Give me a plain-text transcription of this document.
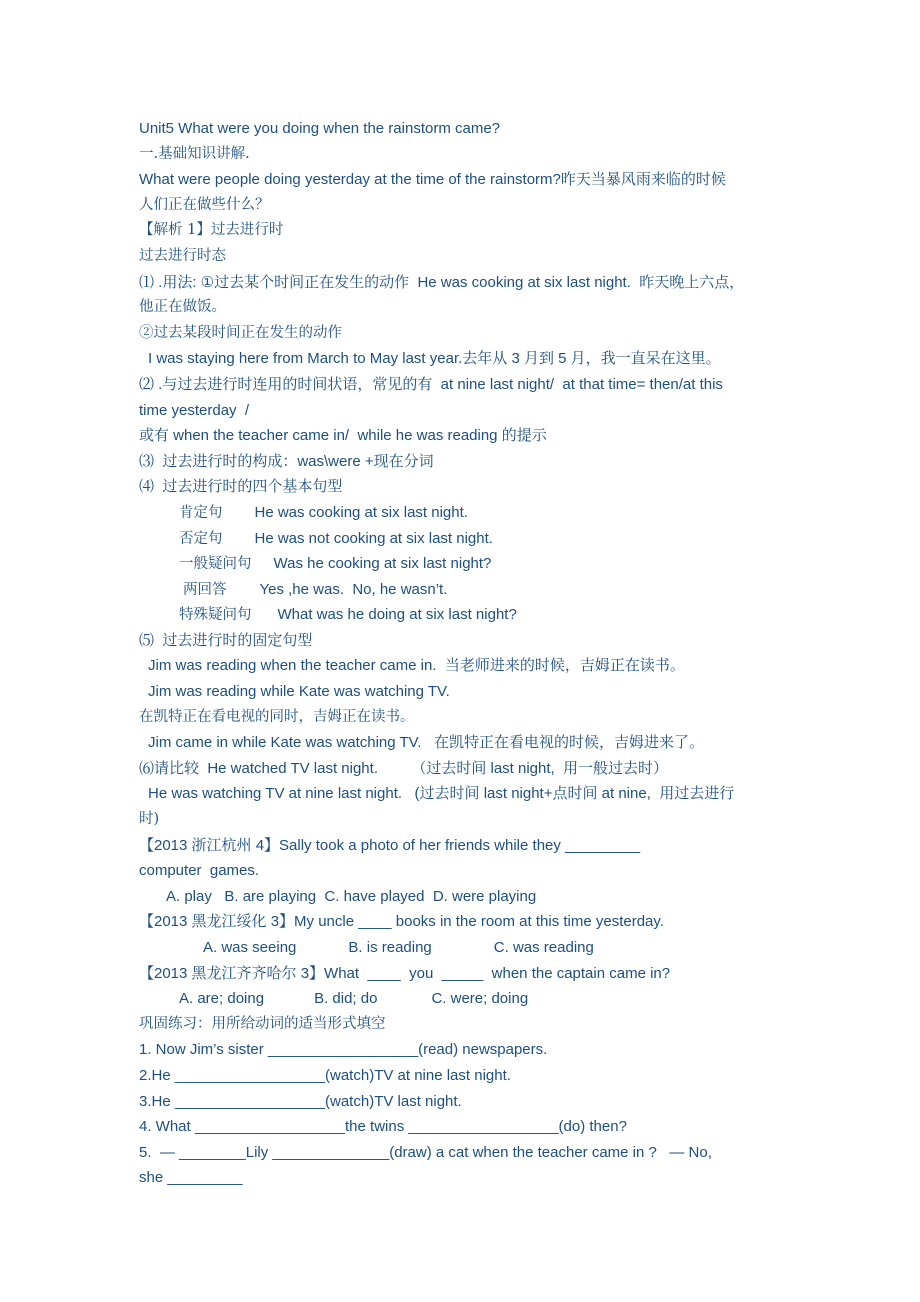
Unit5 What were you doing when the rainstorm came?
一.基础知识讲解.
What were people doing yesterday at the time of the rainstorm?昨天当暴风雨来临的时候
人们正在做些什么？
【解析 1】过去进行时
过去进行时态
⑴ .用法: ①过去某个时间正在发生的动作  He was cooking at six last night.  昨天晚上六点，
他正在做饭。
②过去某段时间正在发生的动作
I was staying here from March to May last year.去年从 3 月到 5 月，我一直呆在这里。
⑵ .与过去进行时连用的时间状语，常见的有  at nine last night/  at that time= then/at this
time yesterday  /
或有 when the teacher came in/  while he was reading 的提示
⑶  过去进行时的构成：was\were +现在分词
⑷  过去进行时的四个基本句型
肯定句 He was cooking at six last night.
否定句 He was not cooking at six last night.
一般疑问句 Was he cooking at six last night?
两回答 Yes ,he was.  No, he wasn’t.
特殊疑问句 What was he doing at six last night?
⑸  过去进行时的固定句型
Jim was reading when the teacher came in.  当老师进来的时候，吉姆正在读书。
Jim was reading while Kate was watching TV.
在凯特正在看电视的同时，吉姆正在读书。
Jim came in while Kate was watching TV.   在凯特正在看电视的时候，吉姆进来了。
⑹请比较  He watched TV last night.        （过去时间 last night,  用一般过去时）
He was watching TV at nine last night.   (过去时间 last night+点时间 at nine,  用过去进行
时)
【2013 浙江杭州 4】Sally took a photo of her friends while they _________
computer  games.
A. play   B. are playing  C. have played  D. were playing
【2013 黑龙江绥化 3】My uncle ____ books in the room at this time yesterday.
A. was seeing	B. is reading	C. was reading
【2013 黑龙江齐齐哈尔 3】What  ____  you  _____  when the captain came in?
A. are; doing	B. did; do	C. were; doing
巩固练习：用所给动词的适当形式填空
1. Now Jim’s sister __________________(read) newspapers.
2.He __________________(watch)TV at nine last night.
3.He __________________(watch)TV last night.
4. What __________________the twins __________________(do) then?
5.  — ________Lily ______________(draw) a cat when the teacher came in ?   — No,
she _________
